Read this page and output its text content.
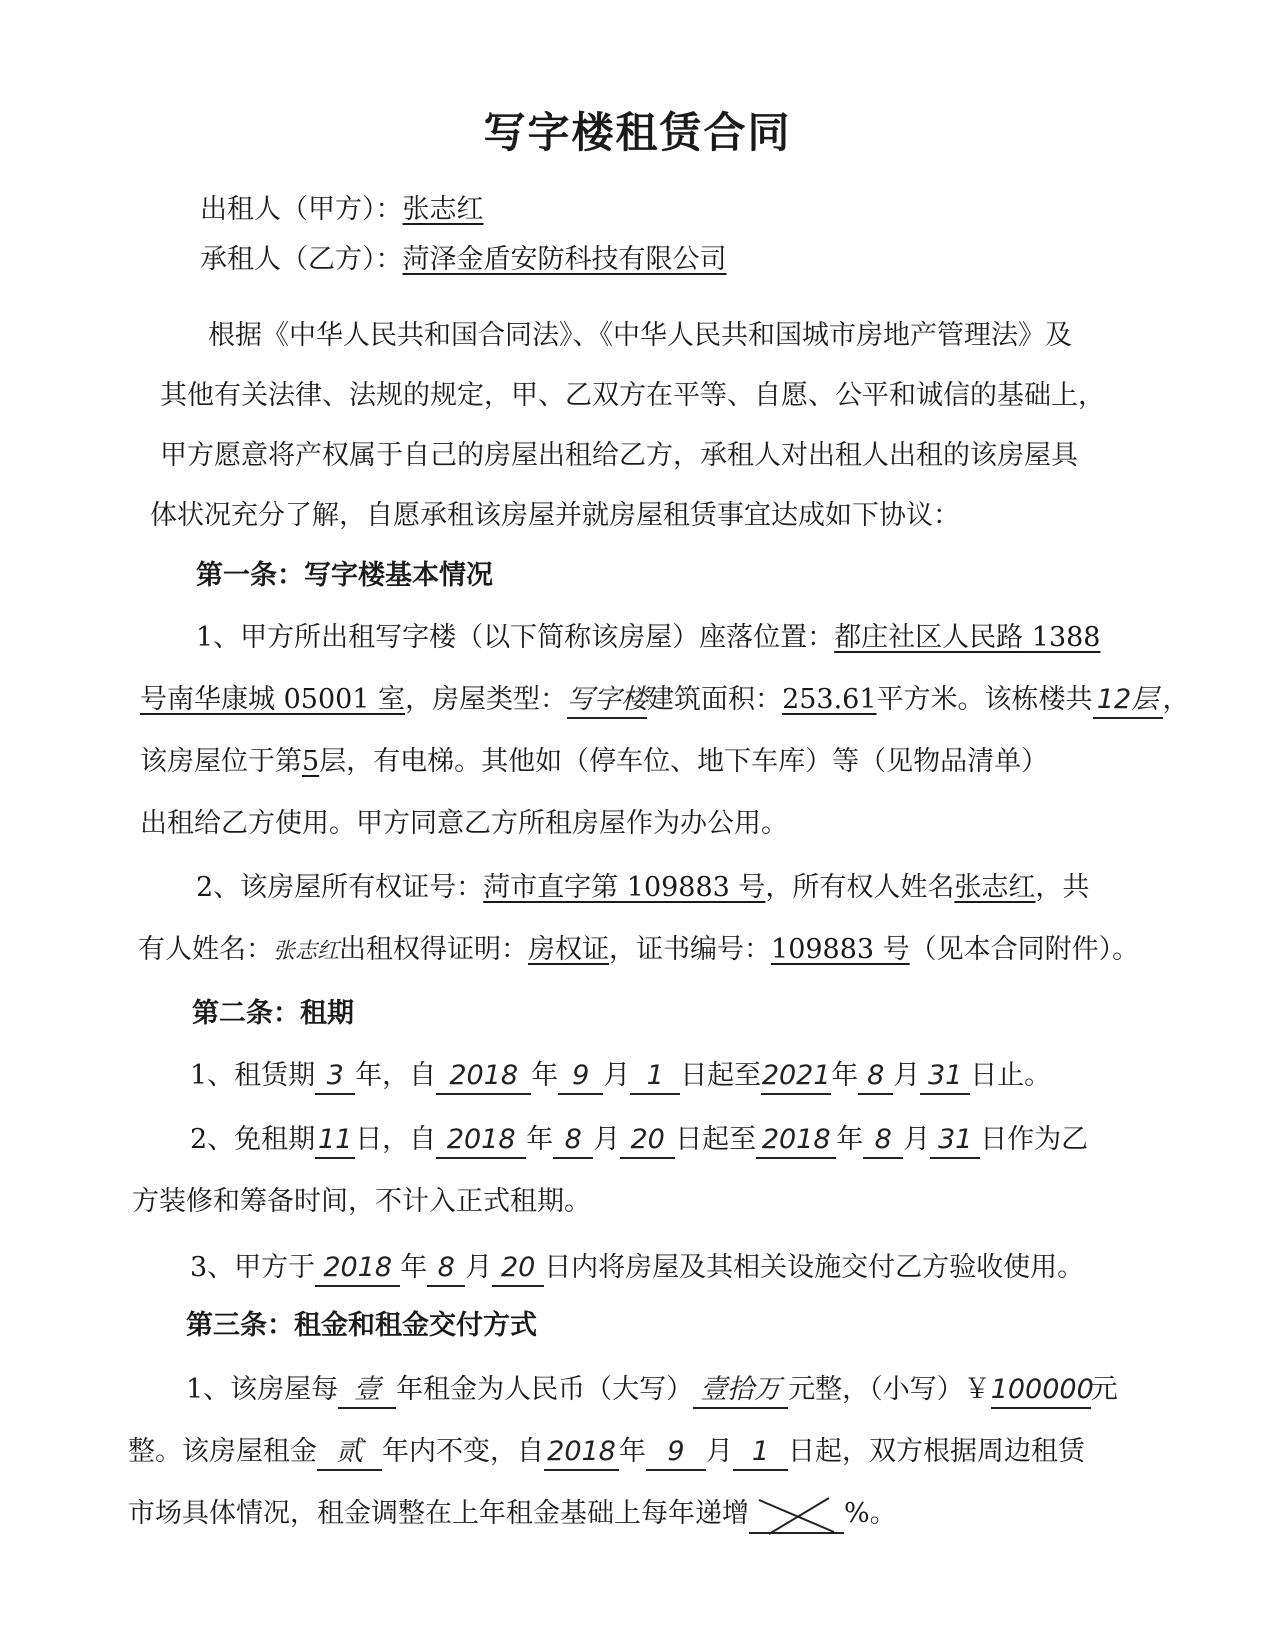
写字楼租赁合同
出租人（甲方）：张志红
承租人（乙方）：菏泽金盾安防科技有限公司
根据《中华人民共和国合同法》、《中华人民共和国城市房地产管理法》及
其他有关法律、法规的规定，甲、乙双方在平等、自愿、公平和诚信的基础上，
甲方愿意将产权属于自己的房屋出租给乙方，承租人对出租人出租的该房屋具
体状况充分了解，自愿承租该房屋并就房屋租赁事宜达成如下协议：
第一条：写字楼基本情况
1、甲方所出租写字楼（以下简称该房屋）座落位置：都庄社区人民路 1388
号南华康城 05001 室，房屋类型：写字楼建筑面积：253.61平方米。该栋楼共 12层 ，
该房屋位于第5层，有电梯。其他如（停车位、地下车库）等（见物品清单）
出租给乙方使用。甲方同意乙方所租房屋作为办公用。
2、该房屋所有权证号：菏市直字第 109883 号，所有权人姓名张志红，共
有人姓名：张志红出租权得证明：房权证，证书编号：109883 号（见本合同附件）。
第二条：租期
1、租赁期 3 年，自 2018 年 9 月 1 日起至2021年 8 月 31 日止。
2、免租期 11 日，自 2018 年 8 月 20 日起至 2018 年 8 月 31 日作为乙
方装修和筹备时间，不计入正式租期。
3、甲方于 2018 年 8 月 20 日内将房屋及其相关设施交付乙方验收使用。
第三条：租金和租金交付方式
1、该房屋每 壹 年租金为人民币（大写） 壹拾万 元整，（小写）￥100000元
整。该房屋租金 贰 年内不变，自 2018 年 9 月 1 日起，双方根据周边租赁
市场具体情况，租金调整在上年租金基础上每年递增	%。
